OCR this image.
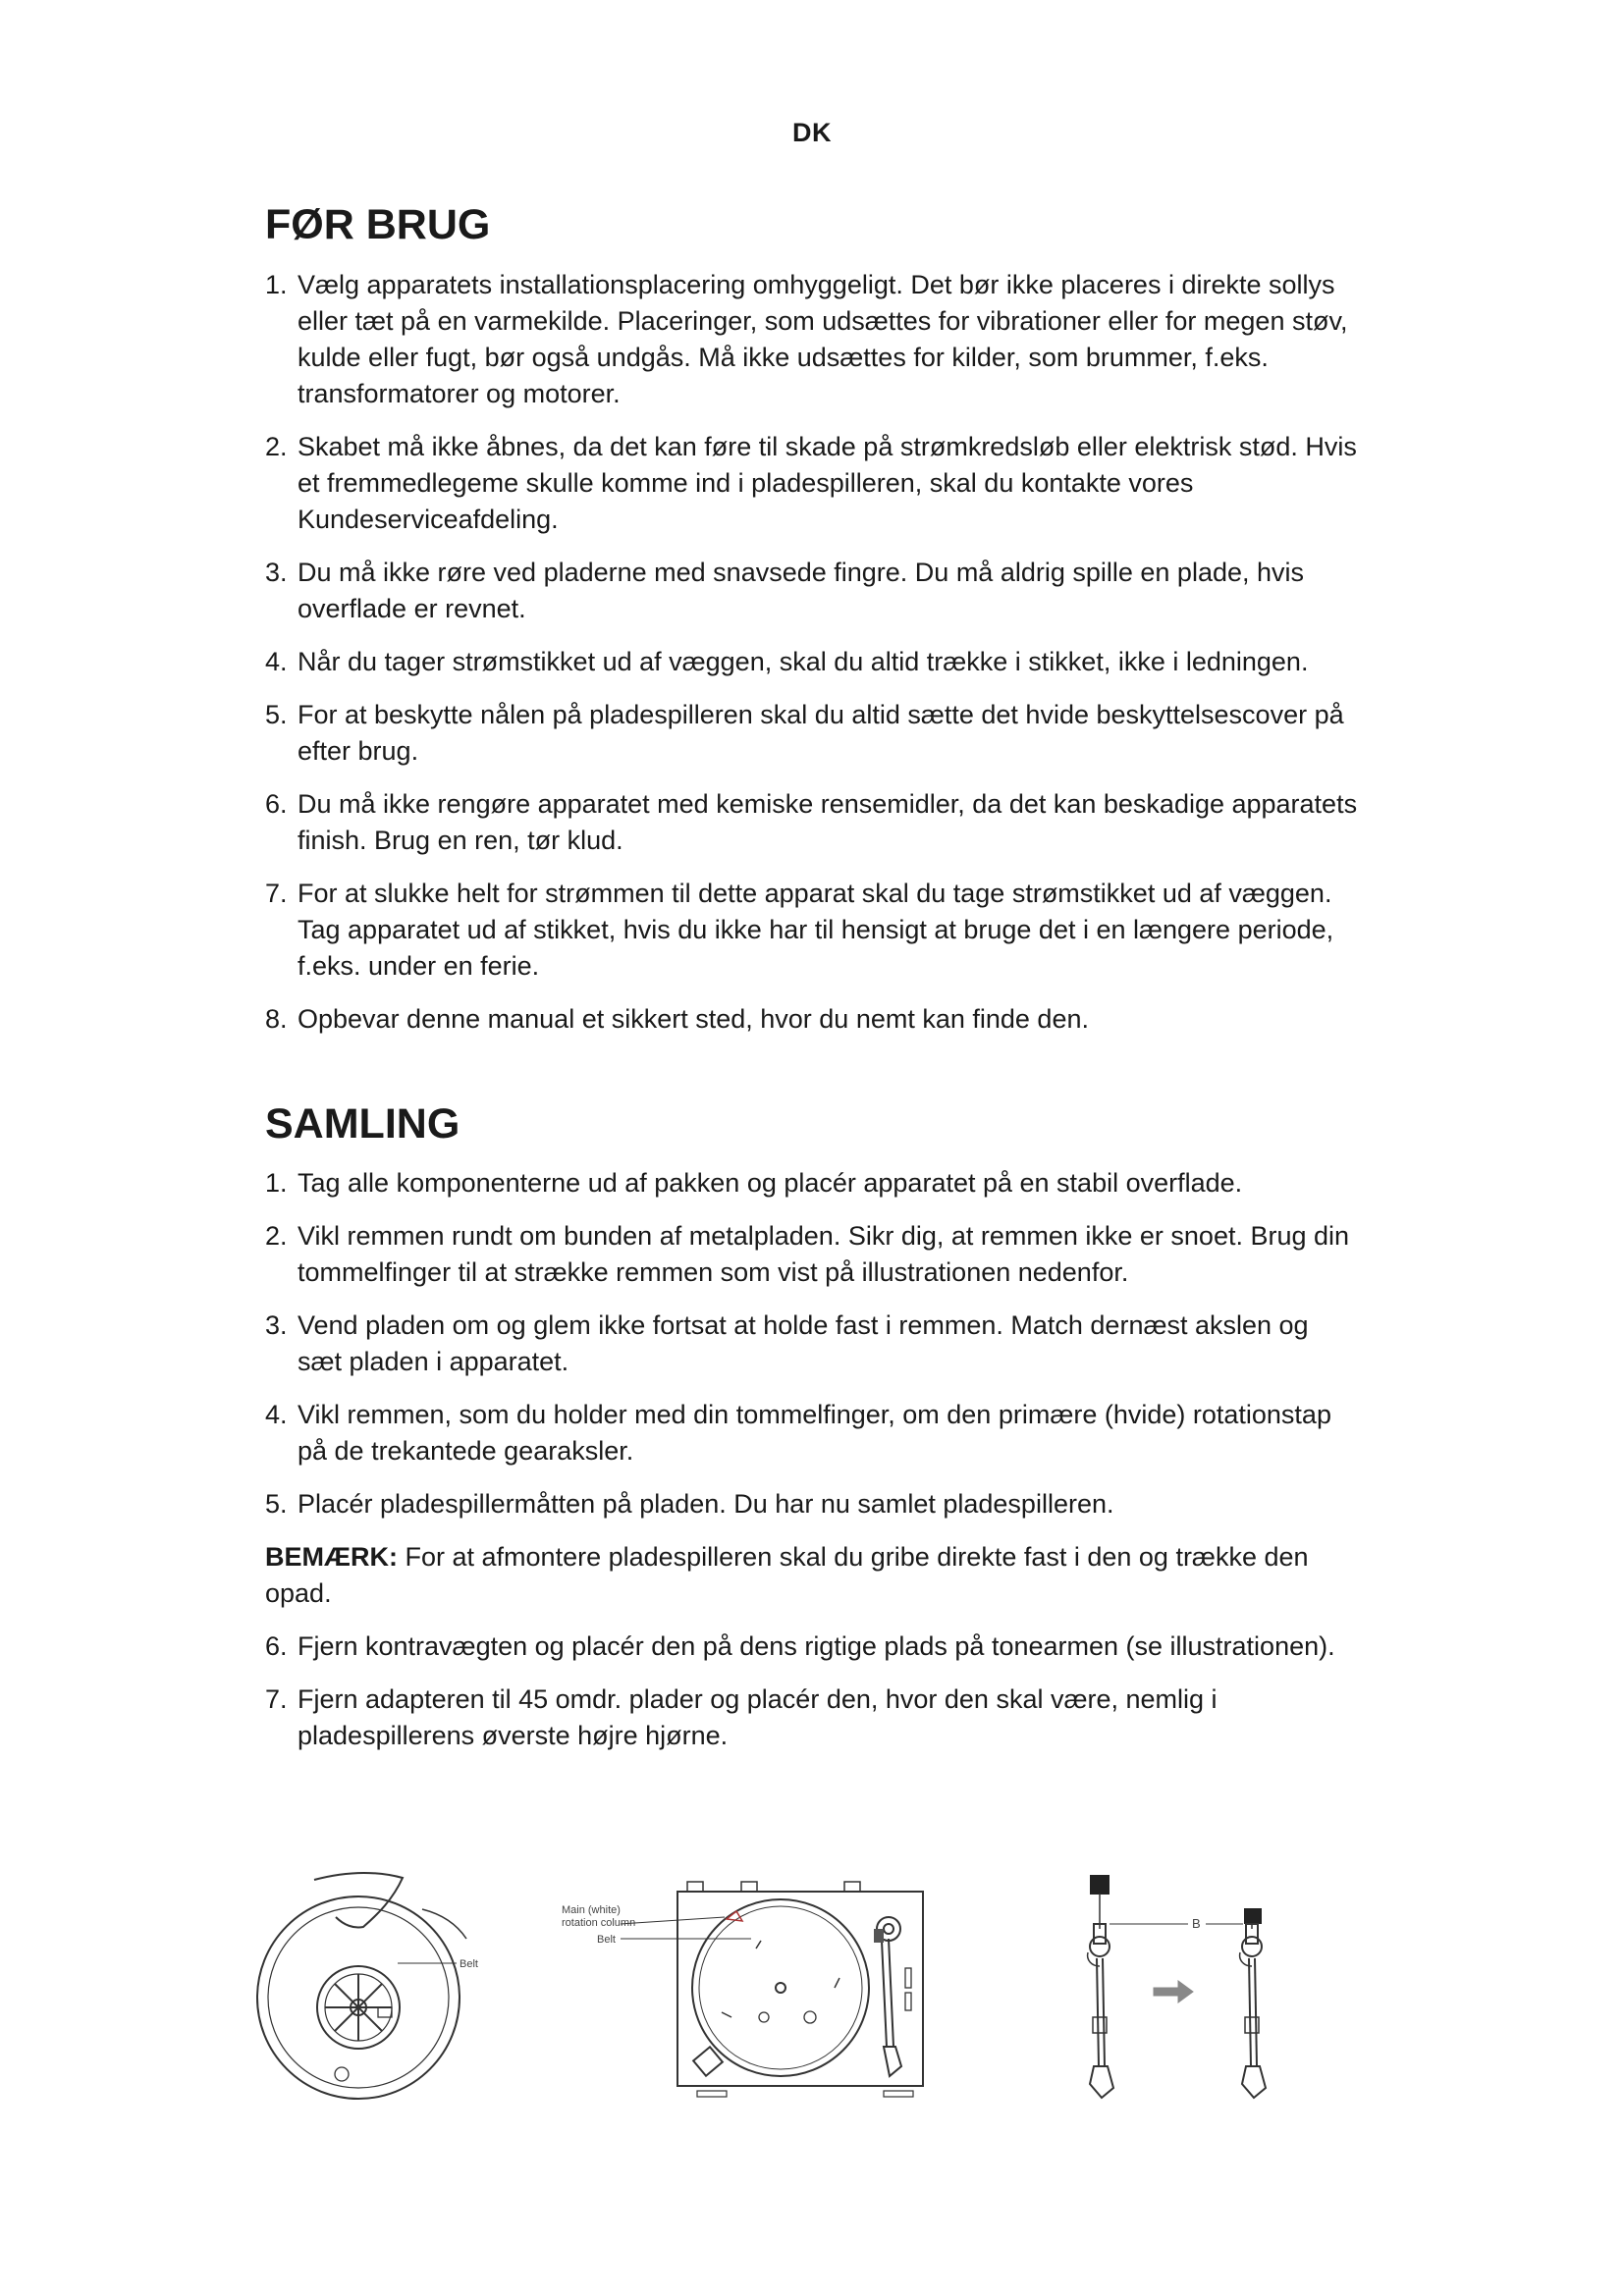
DK
FØR BRUG
1. Vælg apparatets installationsplacering omhyggeligt. Det bør ikke placeres i direkte sollys eller tæt på en varmekilde. Placeringer, som udsættes for vibrationer eller for megen støv, kulde eller fugt, bør også undgås. Må ikke udsættes for kilder, som brummer, f.eks. transformatorer og motorer.
2. Skabet må ikke åbnes, da det kan føre til skade på strømkredsløb eller elektrisk stød. Hvis et fremmedlegeme skulle komme ind i pladespilleren, skal du kontakte vores Kundeserviceafdeling.
3. Du må ikke røre ved pladerne med snavsede fingre. Du må aldrig spille en plade, hvis overflade er revnet.
4. Når du tager strømstikket ud af væggen, skal du altid trække i stikket, ikke i ledningen.
5. For at beskytte nålen på pladespilleren skal du altid sætte det hvide beskyttelsescover på efter brug.
6. Du må ikke rengøre apparatet med kemiske rensemidler, da det kan beskadige apparatets finish. Brug en ren, tør klud.
7. For at slukke helt for strømmen til dette apparat skal du tage strømstikket ud af væggen. Tag apparatet ud af stikket, hvis du ikke har til hensigt at bruge det i en længere periode, f.eks. under en ferie.
8. Opbevar denne manual et sikkert sted, hvor du nemt kan finde den.
SAMLING
1. Tag alle komponenterne ud af pakken og placér apparatet på en stabil overflade.
2. Vikl remmen rundt om bunden af metalpladen. Sikr dig, at remmen ikke er snoet. Brug din tommelfinger til at strække remmen som vist på illustrationen nedenfor.
3. Vend pladen om og glem ikke fortsat at holde fast i remmen. Match dernæst akslen og sæt pladen i apparatet.
4. Vikl remmen, som du holder med din tommelfinger, om den primære (hvide) rotationstap på de trekantede gearaksler.
5. Placér pladespillermåtten på pladen. Du har nu samlet pladespilleren.

BEMÆRK: For at afmontere pladespilleren skal du gribe direkte fast i den og trække den opad.

6. Fjern kontravægten og placér den på dens rigtige plads på tonearmen (se illustrationen).
7. Fjern adapteren til 45 omdr. plader og placér den, hvor den skal være, nemlig i pladespillerens øverste højre hjørne.
Belt
Main (white)
rotation column
Belt
B
